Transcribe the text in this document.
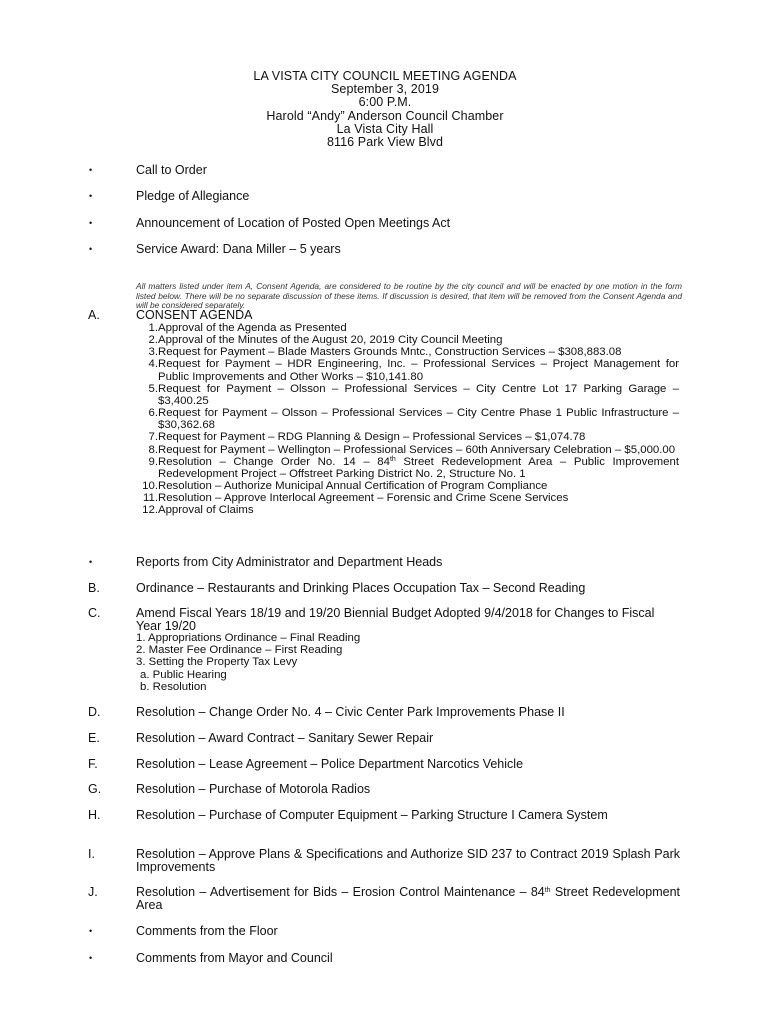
LA VISTA CITY COUNCIL MEETING AGENDA
September 3, 2019
6:00 P.M.
Harold “Andy” Anderson Council Chamber
La Vista City Hall
8116 Park View Blvd
•	Call to Order
•	Pledge of Allegiance
•	Announcement of Location of Posted Open Meetings Act
•	Service Award: Dana Miller – 5 years
All matters listed under item A, Consent Agenda, are considered to be routine by the city council and will be enacted by one motion in the form listed below. There will be no separate discussion of these items. If discussion is desired, that item will be removed from the Consent Agenda and will be considered separately.
A.	CONSENT AGENDA
1. Approval of the Agenda as Presented
2. Approval of the Minutes of the August 20, 2019 City Council Meeting
3. Request for Payment – Blade Masters Grounds Mntc., Construction Services – $308,883.08
4. Request for Payment – HDR Engineering, Inc. – Professional Services – Project Management for Public Improvements and Other Works – $10,141.80
5. Request for Payment – Olsson – Professional Services – City Centre Lot 17 Parking Garage – $3,400.25
6. Request for Payment – Olsson – Professional Services – City Centre Phase 1 Public Infrastructure – $30,362.68
7. Request for Payment – RDG Planning & Design – Professional Services – $1,074.78
8. Request for Payment – Wellington – Professional Services – 60th Anniversary Celebration – $5,000.00
9. Resolution – Change Order No. 14 – 84th Street Redevelopment Area – Public Improvement Redevelopment Project – Offstreet Parking District No. 2, Structure No. 1
10. Resolution – Authorize Municipal Annual Certification of Program Compliance
11. Resolution – Approve Interlocal Agreement – Forensic and Crime Scene Services
12. Approval of Claims
•	Reports from City Administrator and Department Heads
B.	Ordinance – Restaurants and Drinking Places Occupation Tax – Second Reading
C.	Amend Fiscal Years 18/19 and 19/20 Biennial Budget Adopted 9/4/2018 for Changes to Fiscal Year 19/20
1. Appropriations Ordinance – Final Reading
2. Master Fee Ordinance – First Reading
3. Setting the Property Tax Levy
a. Public Hearing
b. Resolution
D.	Resolution – Change Order No. 4 – Civic Center Park Improvements Phase II
E.	Resolution – Award Contract – Sanitary Sewer Repair
F.	Resolution – Lease Agreement – Police Department Narcotics Vehicle
G.	Resolution – Purchase of Motorola Radios
H.	Resolution – Purchase of Computer Equipment – Parking Structure I Camera System
I.	Resolution – Approve Plans & Specifications and Authorize SID 237 to Contract 2019 Splash Park Improvements
J.	Resolution – Advertisement for Bids – Erosion Control Maintenance – 84th Street Redevelopment Area
•	Comments from the Floor
•	Comments from Mayor and Council
